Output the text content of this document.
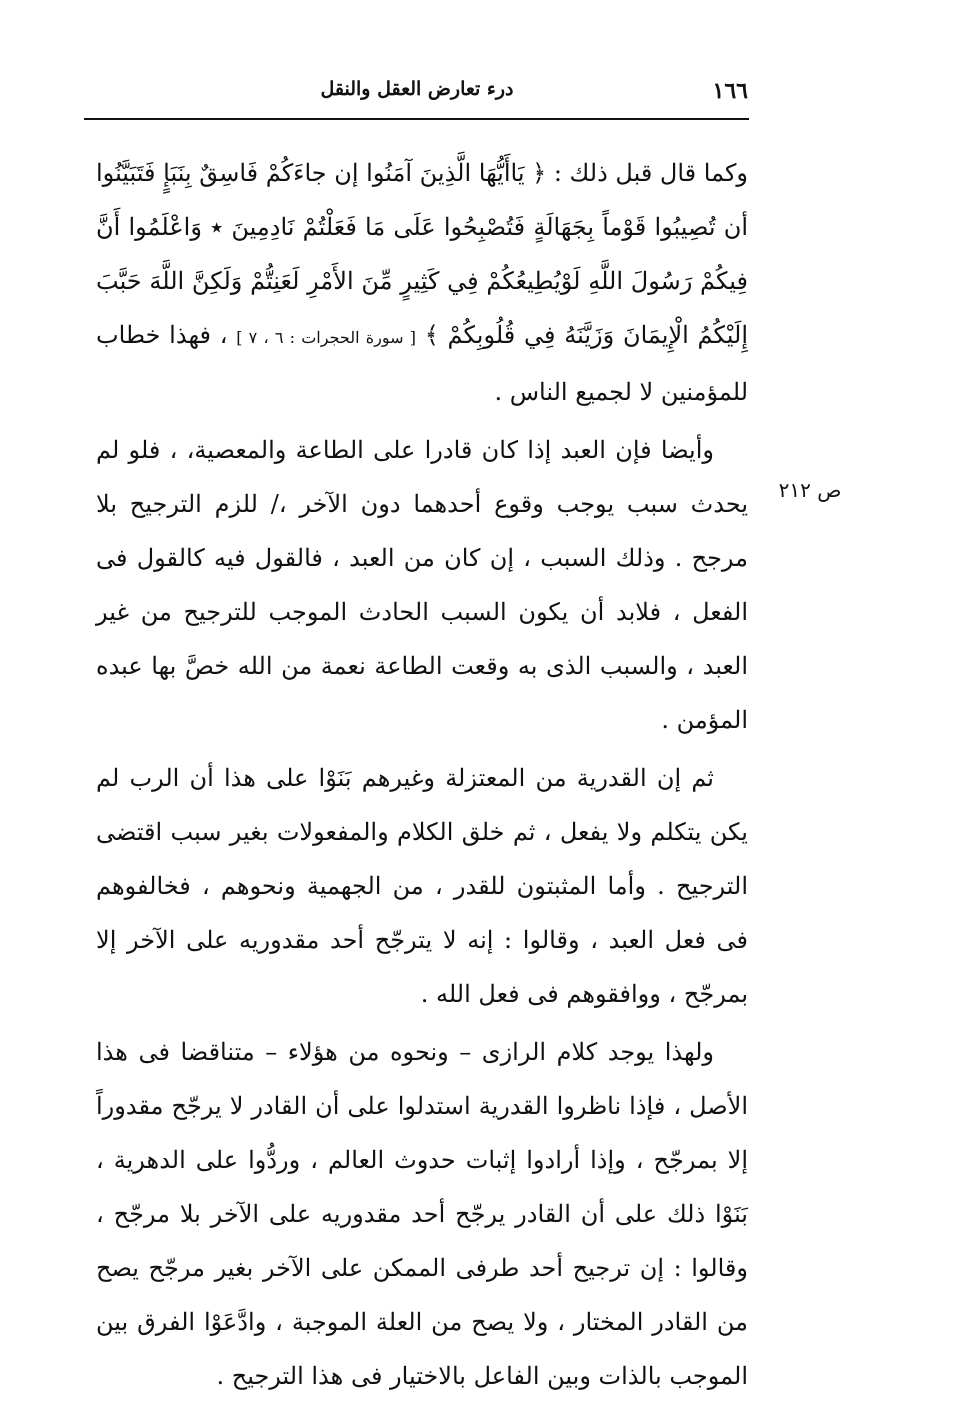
١٦٦
درء تعارض العقل والنقل
ص ٢١٢

وكما قال قبل ذلك : ﴿ يَاأَيُّهَا الَّذِينَ آمَنُوا إن جاءَكُمْ فَاسِقٌ بِنَبَإٍ فَتَبَيَّنُوا أن تُصِيبُوا قَوْماً بِجَهَالَةٍ فَتُصْبِحُوا عَلَى مَا فَعَلْتُمْ نَادِمِينَ ٭ وَاعْلَمُوا أَنَّ فِيكُمْ رَسُولَ اللَّهِ لَوْيُطِيعُكُمْ فِي كَثِيرٍ مِّنَ الأَمْرِ لَعَنِتُّمْ وَلَكِنَّ اللَّهَ حَبَّبَ إِلَيْكُمُ الْإِيمَانَ وَزَيَّنَهُ فِي قُلُوبِكُمْ ﴾ [ سورة الحجرات : ٦ ، ٧ ] ، فهذا خطاب للمؤمنين لا لجميع الناس .

وأيضا فإن العبد إذا كان قادرا على الطاعة والمعصية، ، فلو لم يحدث سبب يوجب وقوع أحدهما دون الآخر ،/ للزم الترجيح بلا مرجح . وذلك السبب ، إن كان من العبد ، فالقول فيه كالقول فى الفعل ، فلابد أن يكون السبب الحادث الموجب للترجيح من غير العبد ، والسبب الذى به وقعت الطاعة نعمة من الله خصَّ بها عبده المؤمن .

ثم إن القدرية من المعتزلة وغيرهم بَنَوْا على هذا أن الرب لم يكن يتكلم ولا يفعل ، ثم خلق الكلام والمفعولات بغير سبب اقتضى الترجيح . وأما المثبتون للقدر ، من الجهمية ونحوهم ، فخالفوهم فى فعل العبد ، وقالوا : إنه لا يترجّح أحد مقدوريه على الآخر إلا بمرجّح ، ووافقوهم فى فعل الله .

ولهذا يوجد كلام الرازى – ونحوه من هؤلاء – متناقضا فى هذا الأصل ، فإذا ناظروا القدرية استدلوا على أن القادر لا يرجّح مقدوراً إلا بمرجّح ، وإذا أرادوا إثبات حدوث العالم ، وردُّوا على الدهرية ، بَنَوْا ذلك على أن القادر يرجّح أحد مقدوريه على الآخر بلا مرجّح ، وقالوا : إن ترجيح أحد طرفى الممكن على الآخر بغير مرجّح يصح من القادر المختار ، ولا يصح من العلة الموجبة ، وادَّعَوْا الفرق بين الموجب بالذات وبين الفاعل بالاختيار فى هذا الترجيح .
